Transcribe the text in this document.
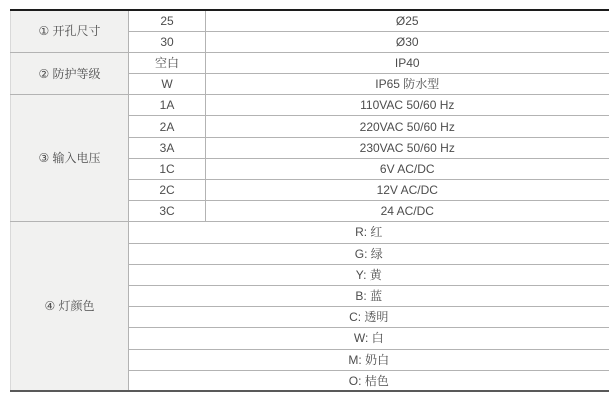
① 开孔尺寸	25	Ø25
	30	Ø30
② 防护等级	空白	IP40
	W	IP65 防水型
③ 输入电压	1A	110VAC 50/60 Hz
	2A	220VAC 50/60 Hz
	3A	230VAC 50/60 Hz
	1C	6V AC/DC
	2C	12V AC/DC
	3C	24 AC/DC
④ 灯颜色	R: 红	
	G: 绿	
	Y: 黄	
	B: 蓝	
	C: 透明	
	W: 白	
	M: 奶白	
	O: 桔色	
